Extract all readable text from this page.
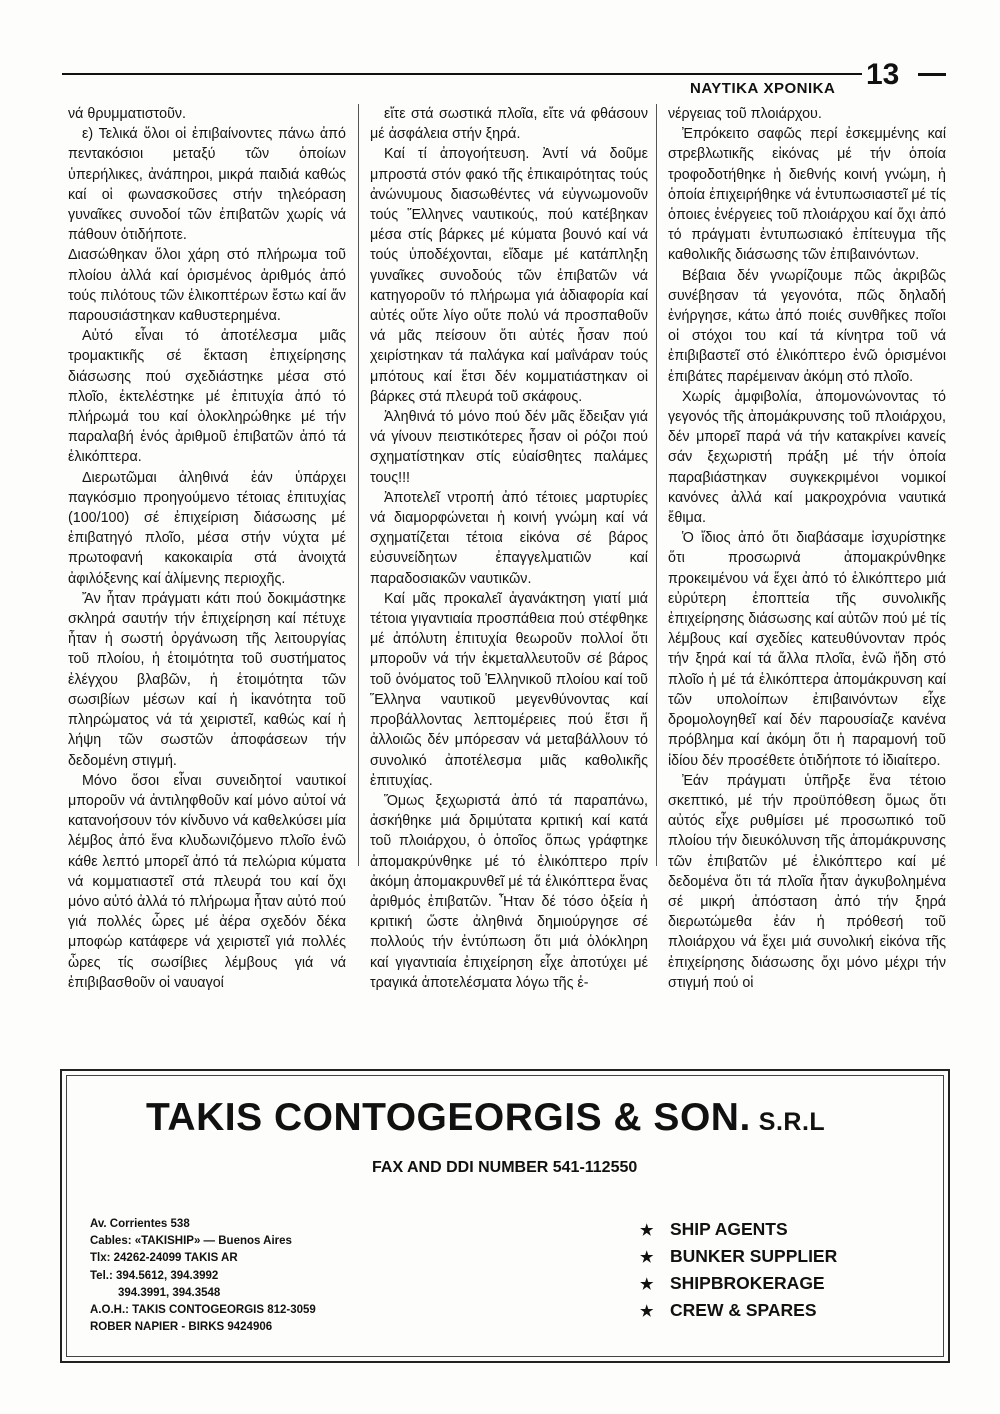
ΝΑΥΤΙΚΑ ΧΡΟΝΙΚΑ 13

νά θρυμματιστοῦν.

ε) Τελικά ὅλοι οἱ ἐπιβαίνοντες πάνω ἀπό πεντακόσιοι μεταξύ τῶν ὁποίων ὑπερήλικες, ἀνάπηροι, μικρά παιδιά καθώς καί οἱ φωνασκοῦσες στήν τηλεόραση γυναῖκες συνοδοί τῶν ἐπιβατῶν χωρίς νά πάθουν ὁτιδήποτε.

Διασώθηκαν ὅλοι χάρη στό πλήρωμα τοῦ πλοίου ἀλλά καί ὁρισμένος ἀριθμός ἀπό τούς πιλότους τῶν ἑλικοπτέρων ἔστω καί ἄν παρουσιάστηκαν καθυστερημένα.

Αὐτό εἶναι τό ἀποτέλεσμα μιᾶς τρομακτικῆς σέ ἔκταση ἐπιχείρησης διάσωσης πού σχεδιάστηκε μέσα στό πλοῖο, ἐκτελέστηκε μέ ἐπιτυχία ἀπό τό πλήρωμά του καί ὁλοκληρώθηκε μέ τήν παραλαβή ἑνός ἀριθμοῦ ἐπιβατῶν ἀπό τά ἑλικόπτερα.

Διερωτῶμαι ἀληθινά ἐάν ὑπάρχει παγκόσμιο προηγούμενο τέτοιας ἐπιτυχίας (100/100) σέ ἐπιχείριση διάσωσης μέ ἐπιβατηγό πλοῖο, μέσα στήν νύχτα μέ πρωτοφανή κακοκαιρία στά ἀνοιχτά ἀφιλόξενης καί ἀλίμενης περιοχῆς.

Ἄν ἦταν πράγματι κάτι πού δοκιμάστηκε σκληρά σαυτήν τήν ἐπιχείρηση καί πέτυχε ἦταν ἡ σωστή ὀργάνωση τῆς λειτουργίας τοῦ πλοίου, ἡ ἑτοιμότητα τοῦ συστήματος ἐλέγχου βλαβῶν, ἡ ἑτοιμότητα τῶν σωσιβίων μέσων καί ἡ ἱκανότητα τοῦ πληρώματος νά τά χειριστεῖ, καθώς καί ἡ λήψη τῶν σωστῶν ἀποφάσεων τήν δεδομένη στιγμή.

Μόνο ὅσοι εἶναι συνειδητοί ναυτικοί μποροῦν νά ἀντιληφθοῦν καί μόνο αὐτοί νά κατανοήσουν τόν κίνδυνο νά καθελκύσει μία λέμβος ἀπό ἕνα κλυδωνιζόμενο πλοῖο ἐνῶ κάθε λεπτό μπορεῖ ἀπό τά πελώρια κύματα νά κομματιαστεῖ στά πλευρά του καί ὄχι μόνο αὐτό ἀλλά τό πλήρωμα ἦταν αὐτό πού γιά πολλές ὧρες μέ ἀέρα σχεδόν δέκα μποφώρ κατάφερε νά χειριστεῖ γιά πολλές ὧρες τίς σωσίβιες λέμβους γιά νά ἐπιβιβασθοῦν οἱ ναυαγοί

εἴτε στά σωστικά πλοῖα, εἴτε νά φθάσουν μέ ἀσφάλεια στήν ξηρά.

Καί τί ἀπογοήτευση. Ἀντί νά δοῦμε μπροστά στόν φακό τῆς ἐπικαιρότητας τούς ἀνώνυμους διασωθέντες νά εὐγνωμονοῦν τούς Ἕλληνες ναυτικούς, πού κατέβηκαν μέσα στίς βάρκες μέ κύματα βουνό καί νά τούς ὑποδέχονται, εἴδαμε μέ κατάπληξη γυναῖκες συνοδούς τῶν ἐπιβατῶν νά κατηγοροῦν τό πλήρωμα γιά ἀδιαφορία καί αὐτές οὔτε λίγο οὔτε πολύ νά προσπαθοῦν νά μᾶς πείσουν ὅτι αὐτές ἦσαν πού χειρίστηκαν τά παλάγκα καί μαΐνάραν τούς μπότους καί ἔτσι δέν κομματιάστηκαν οἱ βάρκες στά πλευρά τοῦ σκάφους.

Ἀληθινά τό μόνο πού δέν μᾶς ἔδειξαν γιά νά γίνουν πειστικότερες ἦσαν οἱ ρόζοι πού σχηματίστηκαν στίς εὐαίσθητες παλάμες τους!!!

Ἀποτελεῖ ντροπή ἀπό τέτοιες μαρτυρίες νά διαμορφώνεται ἡ κοινή γνώμη καί νά σχηματίζεται τέτοια εἰκόνα σέ βάρος εὐσυνείδητων ἐπαγγελματιῶν καί παραδοσιακῶν ναυτικῶν.

Καί μᾶς προκαλεῖ ἀγανάκτηση γιατί μιά τέτοια γιγαντιαία προσπάθεια πού στέφθηκε μέ ἀπόλυτη ἐπιτυχία θεωροῦν πολλοί ὅτι μποροῦν νά τήν ἐκμεταλλευτοῦν σέ βάρος τοῦ ὀνόματος τοῦ Ἑλληνικοῦ πλοίου καί τοῦ Ἕλληνα ναυτικοῦ μεγενθύνοντας καί προβάλλοντας λεπτομέρειες πού ἔτσι ἤ ἀλλοιῶς δέν μπόρεσαν νά μεταβάλλουν τό συνολικό ἀποτέλεσμα μιᾶς καθολικῆς ἐπιτυχίας.

Ὅμως ξεχωριστά ἀπό τά παραπάνω, ἀσκήθηκε μιά δριμύτατα κριτική καί κατά τοῦ πλοιάρχου, ὁ ὁποῖος ὅπως γράφτηκε ἀπομακρύνθηκε μέ τό ἑλικόπτερο πρίν ἀκόμη ἀπομακρυνθεῖ μέ τά ἑλικόπτερα ἕνας ἀριθμός ἐπιβατῶν. Ἦταν δέ τόσο ὀξεία ἡ κριτική ὥστε ἀληθινά δημιούργησε σέ πολλούς τήν ἐντύπωση ὅτι μιά ὁλόκληρη καί γιγαντιαία ἐπιχείρηση εἶχε ἀποτύχει μέ τραγικά ἀποτελέσματα λόγω τῆς ἐ-

νέργειας τοῦ πλοιάρχου.

Ἐπρόκειτο σαφῶς περί ἐσκεμμένης καί στρεβλωτικῆς εἰκόνας μέ τήν ὁποία τροφοδοτήθηκε ἡ διεθνής κοινή γνώμη, ἡ ὁποία ἐπιχειρήθηκε νά ἐντυπωσιαστεῖ μέ τίς ὁποιες ἐνέργειες τοῦ πλοιάρχου καί ὄχι ἀπό τό πράγματι ἐντυπωσιακό ἐπίτευγμα τῆς καθολικῆς διάσωσης τῶν ἐπιβαινόντων.

Βέβαια δέν γνωρίζουμε πῶς ἀκριβῶς συνέβησαν τά γεγονότα, πῶς δηλαδή ἐνήργησε, κάτω ἀπό ποιές συνθῆκες ποῖοι οἱ στόχοι του καί τά κίνητρα τοῦ νά ἐπιβιβαστεῖ στό ἑλικόπτερο ἐνῶ ὁρισμένοι ἐπιβάτες παρέμειναν ἀκόμη στό πλοῖο.

Χωρίς ἀμφιβολία, ἀπομονώνοντας τό γεγονός τῆς ἀπομάκρυνσης τοῦ πλοιάρχου, δέν μπορεῖ παρά νά τήν κατακρίνει κανείς σάν ξεχωριστή πράξη μέ τήν ὁποία παραβιάστηκαν συγκεκριμένοι νομικοί κανόνες ἀλλά καί μακροχρόνια ναυτικά ἔθιμα.

Ὁ ἴδιος ἀπό ὅτι διαβάσαμε ἰσχυρίστηκε ὅτι προσωρινά ἀπομακρύνθηκε προκειμένου νά ἔχει ἀπό τό ἑλικόπτερο μιά εὐρύτερη ἐποπτεία τῆς συνολικῆς ἐπιχείρησης διάσωσης καί αὐτῶν πού μέ τίς λέμβους καί σχεδίες κατευθύνονταν πρός τήν ξηρά καί τά ἄλλα πλοῖα, ἐνῶ ἤδη στό πλοῖο ἡ μέ τά ἑλικόπτερα ἀπομάκρυνση καί τῶν υπολοίπων ἐπιβαινόντων εἶχε δρομολογηθεῖ καί δέν παρουσίαζε κανένα πρόβλημα καί ἀκόμη ὅτι ἡ παραμονή τοῦ ἰδίου δέν προσέθετε ὁτιδήποτε τό ἰδιαίτερο.

Ἐάν πράγματι ὑπῆρξε ἕνα τέτοιο σκεπτικό, μέ τήν προϋπόθεση ὅμως ὅτι αὐτός εἶχε ρυθμίσει μέ προσωπικό τοῦ πλοίου τήν διευκόλυνση τῆς ἀπομάκρυνσης τῶν ἐπιβατῶν μέ ἑλικόπτερο καί μέ δεδομένα ὅτι τά πλοῖα ἦταν ἀγκυβολημένα σέ μικρή ἀπόσταση ἀπό τήν ξηρά διερωτώμεθα ἐάν ἡ πρόθεσή τοῦ πλοιάρχου νά ἔχει μιά συνολική εἰκόνα τῆς ἐπιχείρησης διάσωσης ὄχι μόνο μέχρι τήν στιγμή πού οἱ

TAKIS CONTOGEORGIS & SON. S.R.L
FAX AND DDI NUMBER 541-112550
Av. Corrientes 538
Cables: «TAKISHIP» — Buenos Aires
Tlx: 24262-24099 TAKIS AR
Tel.: 394.5612, 394.3992
394.3991, 394.3548
A.O.H.: TAKIS CONTOGEORGIS 812-3059
ROBER NAPIER - BIRKS 9424906
★ SHIP AGENTS
★ BUNKER SUPPLIER
★ SHIPBROKERAGE
★ CREW & SPARES
